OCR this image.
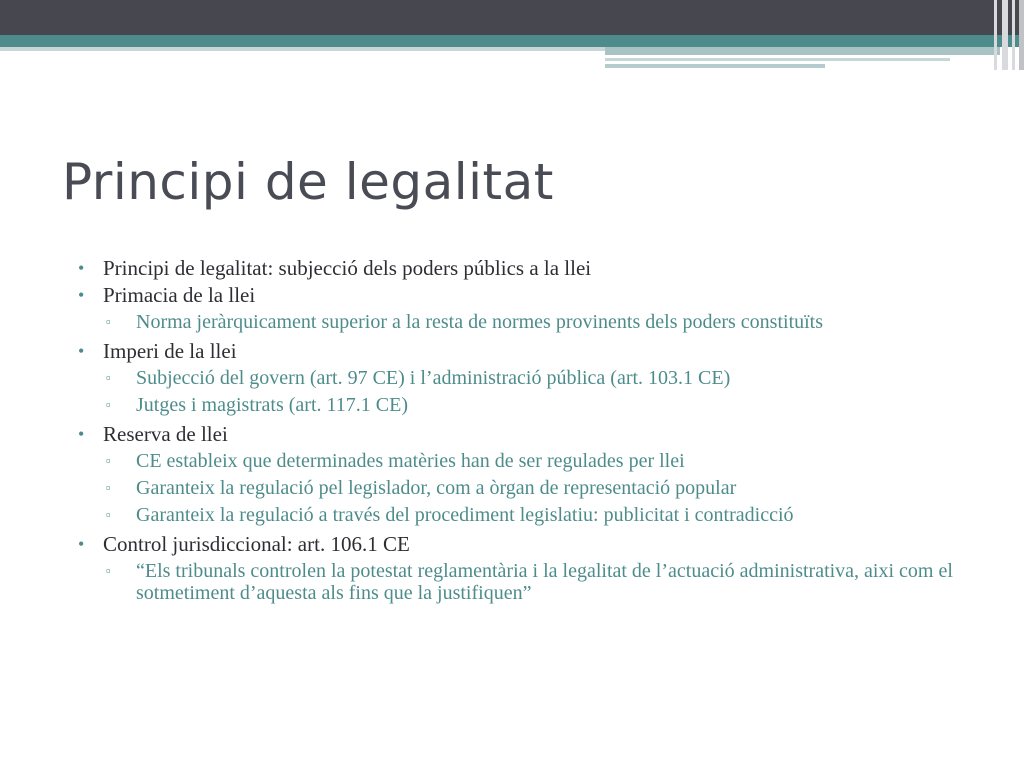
Principi de legalitat
• Principi de legalitat: subjecció dels poders públics a la llei
• Primacia de la llei
▫ Norma jeràrquicament superior a la resta de normes provinents dels poders constituïts
• Imperi de la llei
▫ Subjecció del govern (art. 97 CE) i l’administració pública (art. 103.1 CE)
▫ Jutges i magistrats (art. 117.1 CE)
• Reserva de llei
▫ CE estableix que determinades matèries han de ser regulades per llei
▫ Garanteix la regulació pel legislador, com a òrgan de representació popular
▫ Garanteix la regulació a través del procediment legislatiu: publicitat i contradicció
• Control jurisdiccional: art. 106.1 CE
▫ “Els tribunals controlen la potestat reglamentària i la legalitat de l’actuació administrativa, aixi com el sotmetiment d’aquesta als fins que la justifiquen”
